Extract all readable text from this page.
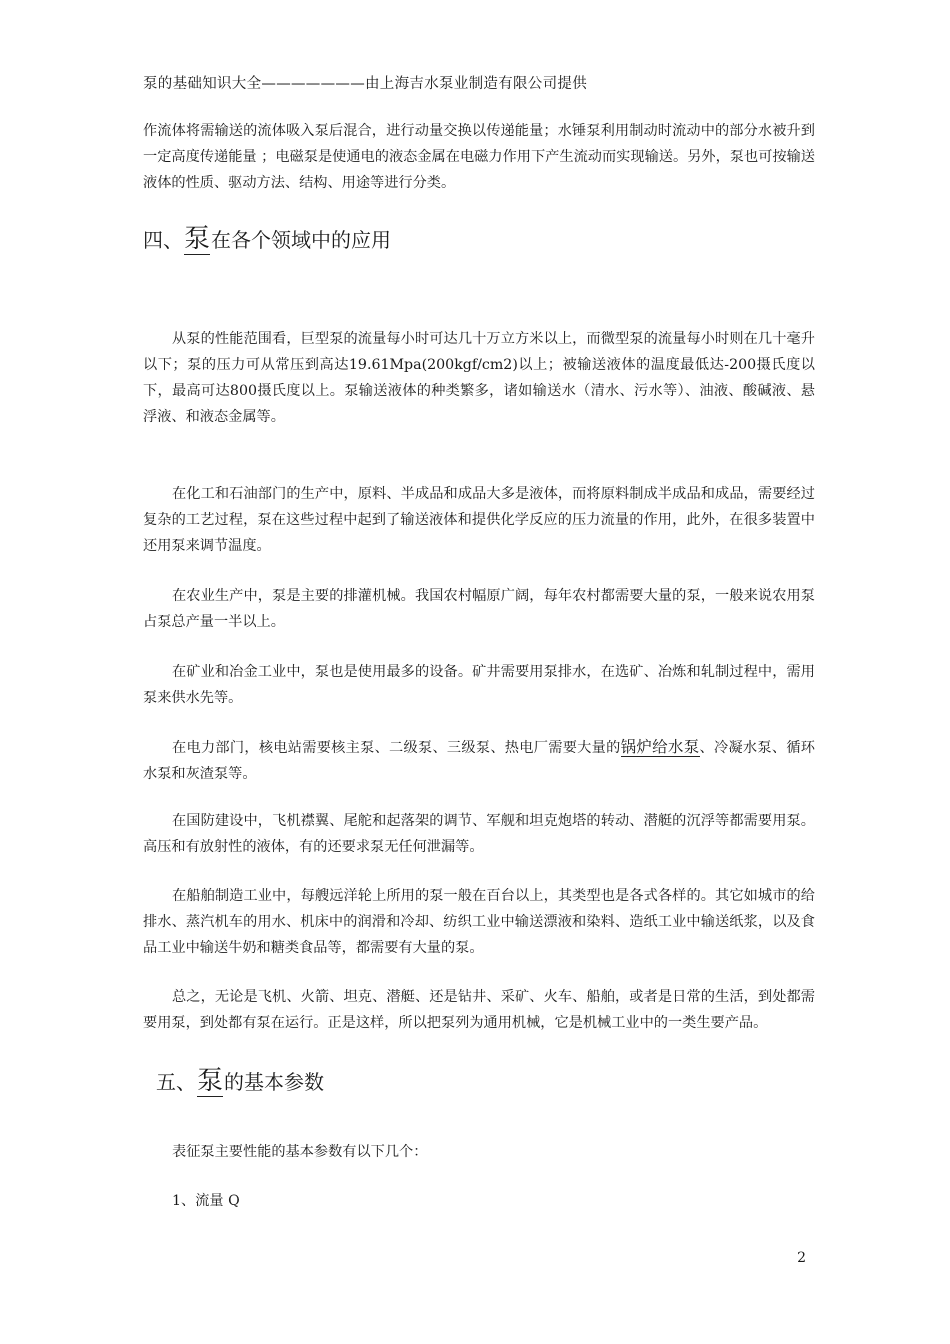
泵的基础知识大全———————由上海吉水泵业制造有限公司提供

作流体将需输送的流体吸入泵后混合，进行动量交换以传递能量；水锤泵利用制动时流动中的部分水被升到一定高度传递能量 ；电磁泵是使通电的液态金属在电磁力作用下产生流动而实现输送。另外，泵也可按输送液体的性质、驱动方法、结构、用途等进行分类。

四、泵在各个领域中的应用

从泵的性能范围看，巨型泵的流量每小时可达几十万立方米以上，而微型泵的流量每小时则在几十毫升以下；泵的压力可从常压到高达19.61Mpa(200kgf/cm2)以上；被输送液体的温度最低达-200摄氏度以下，最高可达800摄氏度以上。泵输送液体的种类繁多，诸如输送水（清水、污水等）、油液、酸碱液、悬浮液、和液态金属等。

在化工和石油部门的生产中，原料、半成品和成品大多是液体，而将原料制成半成品和成品，需要经过复杂的工艺过程，泵在这些过程中起到了输送液体和提供化学反应的压力流量的作用，此外，在很多装置中还用泵来调节温度。

在农业生产中，泵是主要的排灌机械。我国农村幅原广阔，每年农村都需要大量的泵，一般来说农用泵占泵总产量一半以上。

在矿业和冶金工业中，泵也是使用最多的设备。矿井需要用泵排水，在选矿、冶炼和轧制过程中，需用泵来供水先等。

在电力部门，核电站需要核主泵、二级泵、三级泵、热电厂需要大量的锅炉给水泵、冷凝水泵、循环水泵和灰渣泵等。

在国防建设中，飞机襟翼、尾舵和起落架的调节、军舰和坦克炮塔的转动、潜艇的沉浮等都需要用泵。高压和有放射性的液体，有的还要求泵无任何泄漏等。

在船舶制造工业中，每艘远洋轮上所用的泵一般在百台以上，其类型也是各式各样的。其它如城市的给排水、蒸汽机车的用水、机床中的润滑和冷却、纺织工业中输送漂液和染料、造纸工业中输送纸浆，以及食品工业中输送牛奶和糖类食品等，都需要有大量的泵。

总之，无论是飞机、火箭、坦克、潜艇、还是钻井、采矿、火车、船舶，或者是日常的生活，到处都需要用泵，到处都有泵在运行。正是这样，所以把泵列为通用机械，它是机械工业中的一类生要产品。

五、泵的基本参数

表征泵主要性能的基本参数有以下几个：

1、流量 Q
2
